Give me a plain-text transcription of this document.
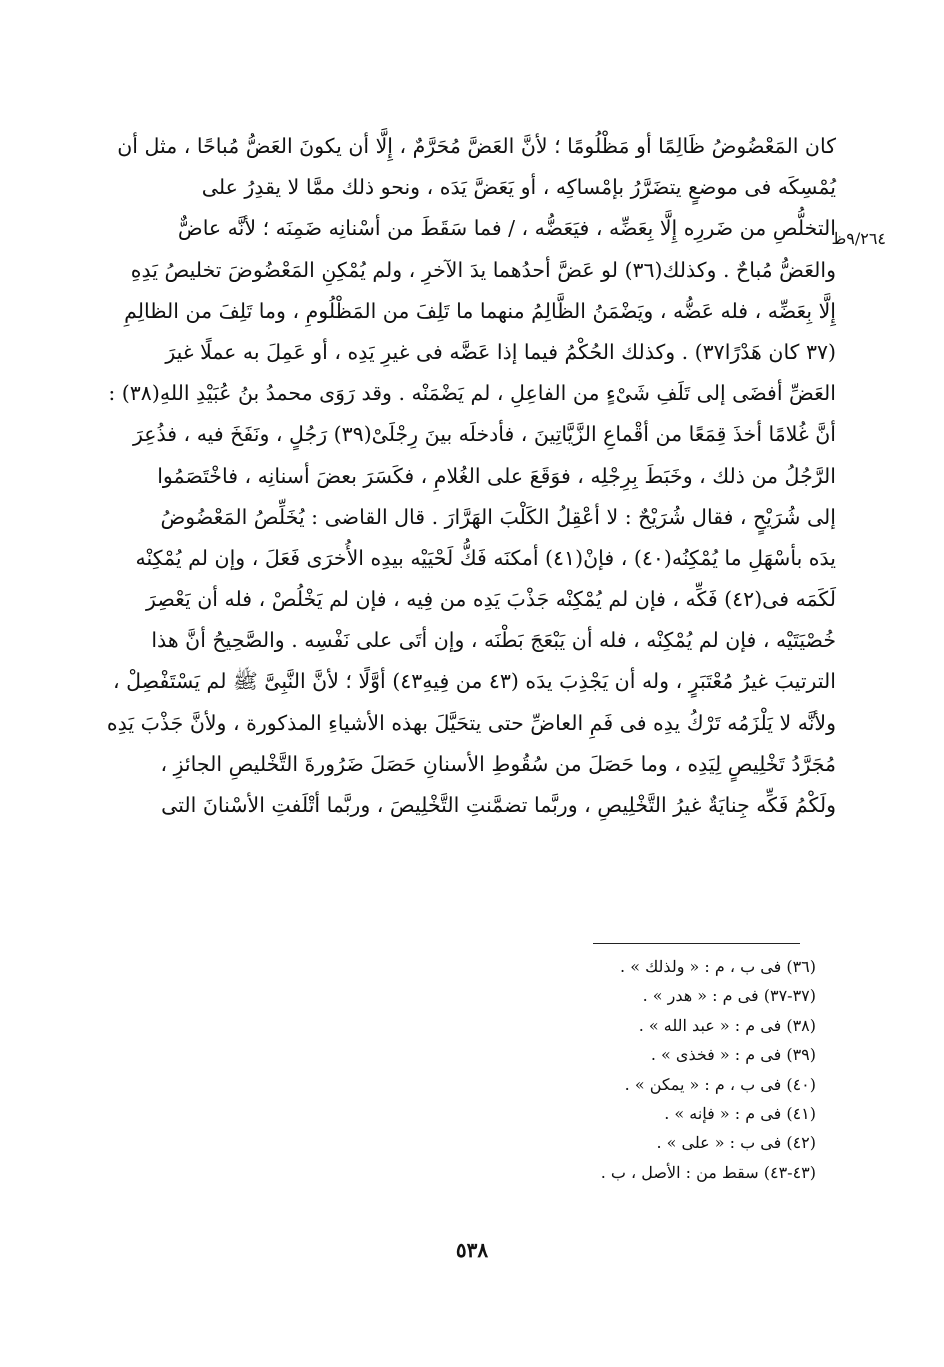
كان المَعْضُوضُ ظَالِمًا أو مَظْلُومًا ؛ لأنَّ العَضَّ مُحَرَّمٌ ، إِلَّا أن يكونَ العَضُّ مُباحًا ، مثل أن
يُمْسِكَه فى موضعٍ يتضَرَّرُ بإمْساكِه ، أو يَعَضَّ يَدَه ، ونحو ذلك ممَّا لا يقدِرُ على
التخلُّصِ من ضَررِه إِلَّا بِعَضِّه ، فيَعَضُّه ، / فما سَقَطَ من أسْنانِه ضَمِنَه ؛ لأنَّه عاضٌّ
والعَضُّ مُباحٌ . وكذلك(٣٦) لو عَضَّ أحدُهما يدَ الآخرِ ، ولم يُمْكِنِ المَعْضُوضَ تخليصُ يَدِهِ
إِلَّا بِعَضِّه ، فله عَضُّه ، ويَضْمَنُ الظَّالِمُ منهما ما تَلِفَ من المَظْلُومِ ، وما تَلِفَ من الظالِمِ
(٣٧ كان هَدْرًا٣٧) . وكذلك الحُكْمُ فيما إذا عَضَّه فى غيرِ يَدِه ، أو عَمِلَ به عملًا غيرَ
العَضِّ أفضَى إلى تَلَفِ شَىْءٍ من الفاعِلِ ، لم يَضْمَنْه . وقد رَوَى محمدُ بنُ عُبَيْدِ اللهِ(٣٨) :
أنَّ غُلامًا أخذَ قِمَعًا من أقْماعِ الزَّيَّاتِينَ ، فأدخلَه بينَ رِجْلَىْ(٣٩) رَجُلٍ ، ونَفَخَ فيه ، فذُعِرَ
الرَّجُلُ من ذلك ، وخَبَطَ بِرِجْلِه ، فوَقَعَ على الغُلامِ ، فكَسَرَ بعضَ أسنانِه ، فاخْتَصَمُوا
إلى شُرَيْحٍ ، فقال شُرَيْحٌ : لا أعْقِلُ الكَلْبَ الهَرَّارَ . قال القاضى : يُخَلِّصُ المَعْضُوضُ
يدَه بأسْهَلِ ما يُمْكِنُه(٤٠) ، فإنْ(٤١) أمكنَه فَكُّ لَحْيَيْه بيدِه الأُخرَى فَعَلَ ، وإن لم يُمْكِنْه
لَكَمَه فى(٤٢) فَكِّه ، فإن لم يُمْكِنْه جَذْبَ يَدِه من فِيه ، فإن لم يَخْلُصْ ، فله أن يَعْصِرَ
خُصْيَتَيْه ، فإن لم يُمْكِنْه ، فله أن يَبْعَجَ بَطْنَه ، وإن أتَى على نَفْسِه . والصَّحِيحُ أنَّ هذا
الترتيبَ غيرُ مُعْتَبَرٍ ، وله أن يَجْذِبَ يدَه (٤٣ من فِيهِ٤٣) أوَّلًا ؛ لأنَّ النَّبِىَّ ﷺ لم يَسْتَفْصِلْ ،
ولأنَّه لا يَلْزَمُه تَرْكُ يدِه فى فَمِ العاضِّ حتى يتحَيَّلَ بهذه الأشياءِ المذكورة ، ولأنَّ جَذْبَ يَدِه
مُجَرَّدُ تَخْلِيصٍ لِيَدِه ، وما حَصَلَ من سُقُوطِ الأسنانِ حَصَلَ ضَرُورةَ التَّخْليصِ الجائزِ ،
ولَكْمُ فَكِّه جِنايَةٌ غيرُ التَّخْلِيصِ ، وربَّما تضمَّنتِ التَّخْلِيصَ ، وربَّما أتْلَفتِ الأسْنانَ التى
٩/٢٦٤ظ
(٣٦) فى ب ، م : « ولذلك » .
(٣٧-٣٧) فى م : « هدر » .
(٣٨) فى م : « عبد الله » .
(٣٩) فى م : « فخذى » .
(٤٠) فى ب ، م : « يمكن » .
(٤١) فى م : « فإنه » .
(٤٢) فى ب : « على » .
(٤٣-٤٣) سقط من : الأصل ، ب .
٥٣٨
